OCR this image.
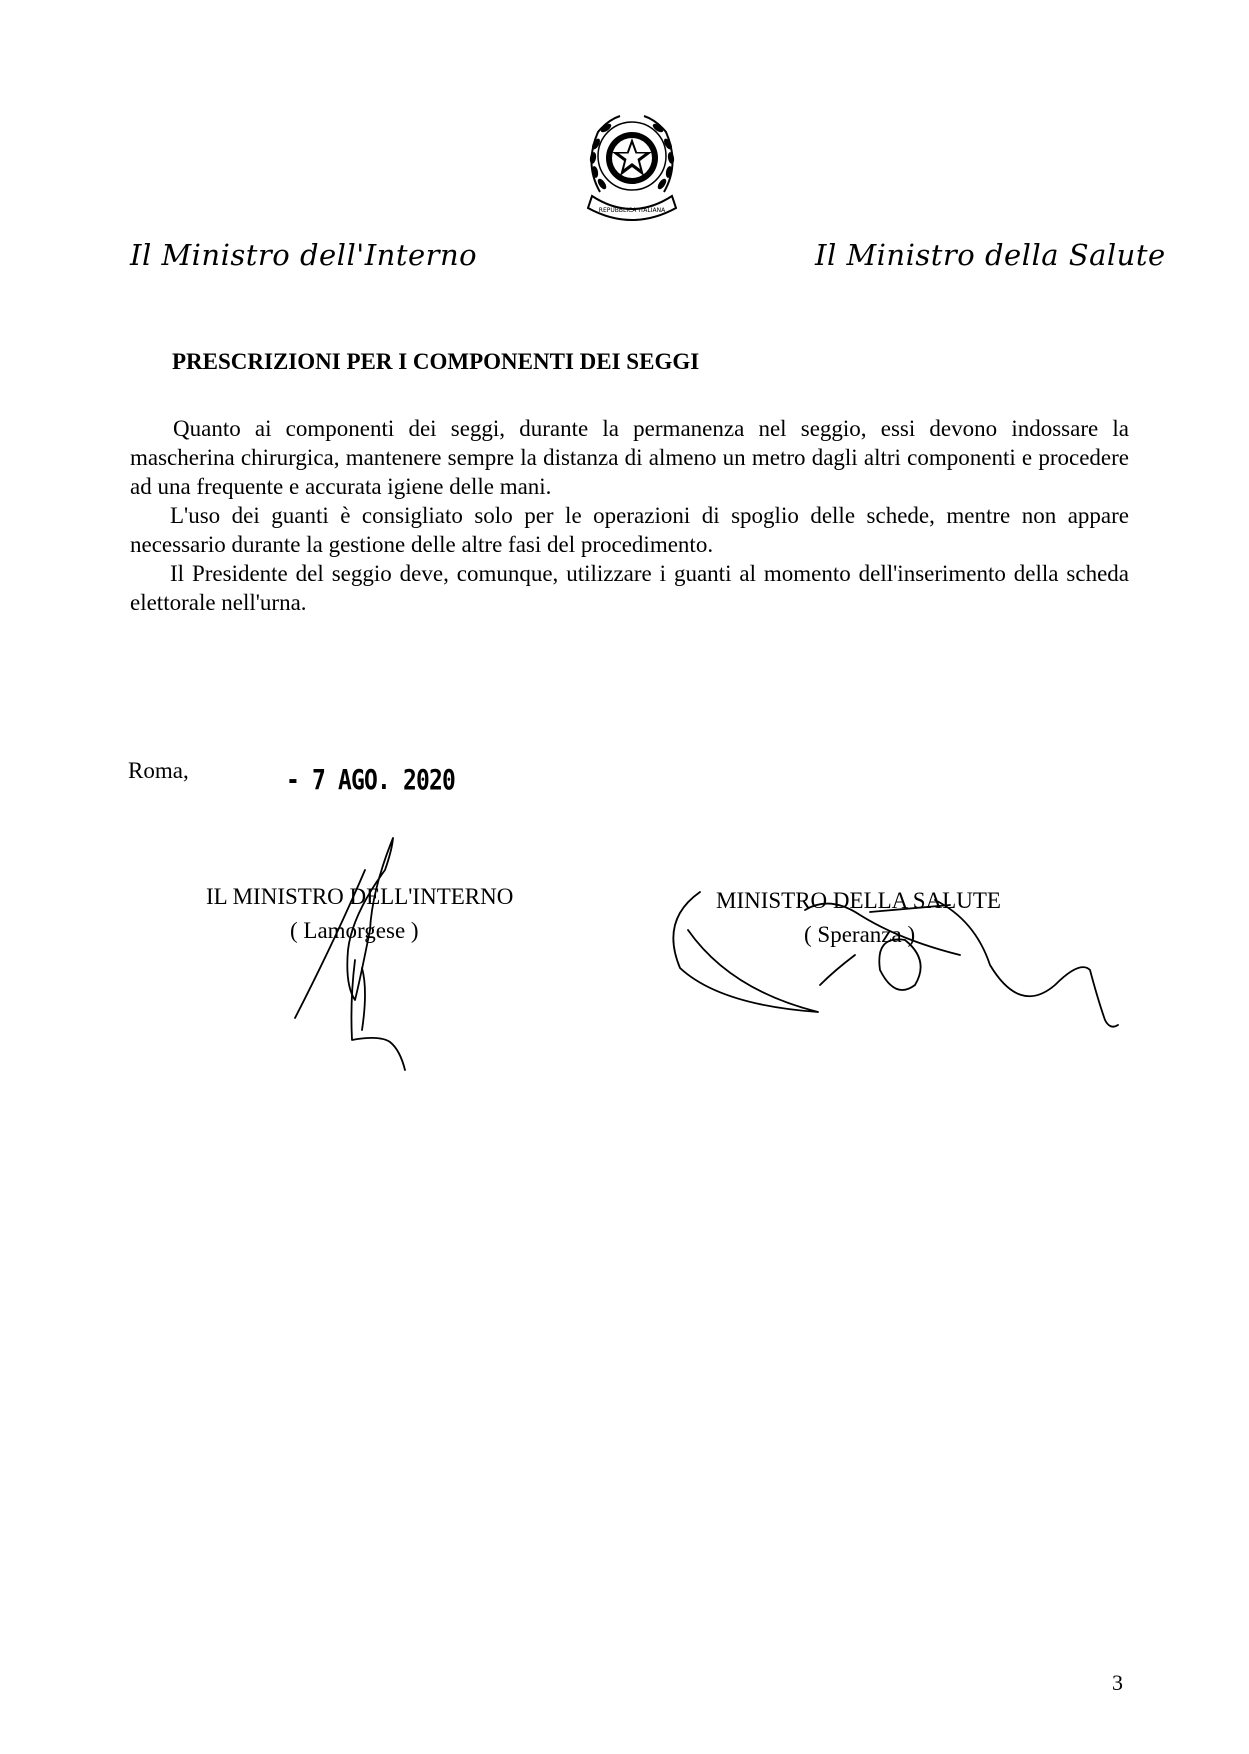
REPUBBLICA ITALIANA
Il Ministro dell'Interno	Il Ministro della Salute
PRESCRIZIONI PER I COMPONENTI DEI SEGGI

Quanto ai componenti dei seggi, durante la permanenza nel seggio, essi devono indossare la mascherina chirurgica, mantenere sempre la distanza di almeno un metro dagli altri componenti e procedere ad una frequente e accurata igiene delle mani.

L'uso dei guanti è consigliato solo per le operazioni di spoglio delle schede, mentre non appare necessario durante la gestione delle altre fasi del procedimento.

Il Presidente del seggio deve, comunque, utilizzare i guanti al momento dell'inserimento della scheda elettorale nell'urna.

Roma,	- 7 AGO. 2020
IL MINISTRO DELL'INTERNO
( Lamorgese )
MINISTRO DELLA SALUTE
( Speranza )
3
